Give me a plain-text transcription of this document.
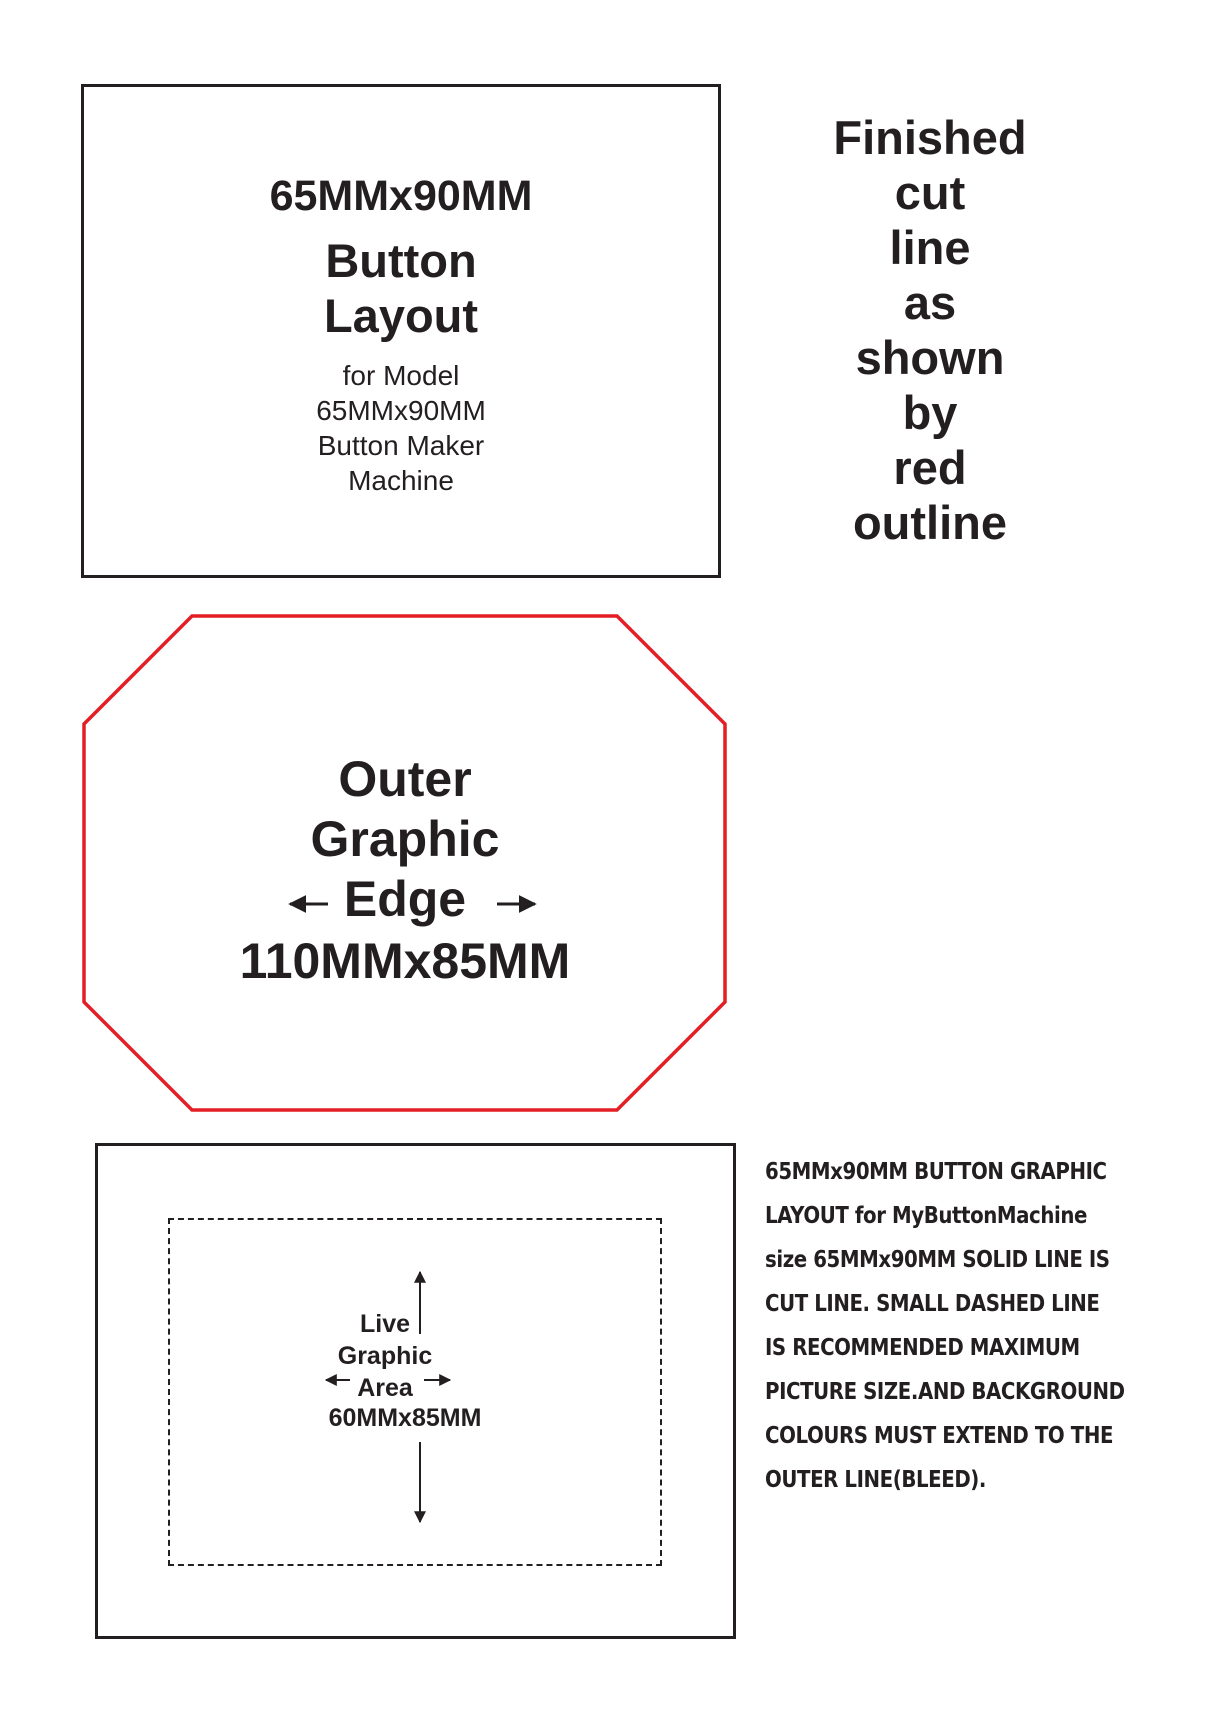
65MMx90MM
Button
Layout
for Model
65MMx90MM
Button Maker
Machine
Finished
cut
line
as
shown
by
red
outline
Outer
Graphic
Edge
110MMx85MM
Live
Graphic
Area
60MMx85MM
65MMx90MM BUTTON GRAPHIC
LAYOUT for MyButtonMachine
size 65MMx90MM SOLID LINE IS
CUT LINE. SMALL DASHED LINE
IS RECOMMENDED MAXIMUM
PICTURE SIZE.AND BACKGROUND
COLOURS MUST EXTEND TO THE
OUTER LINE(BLEED).
